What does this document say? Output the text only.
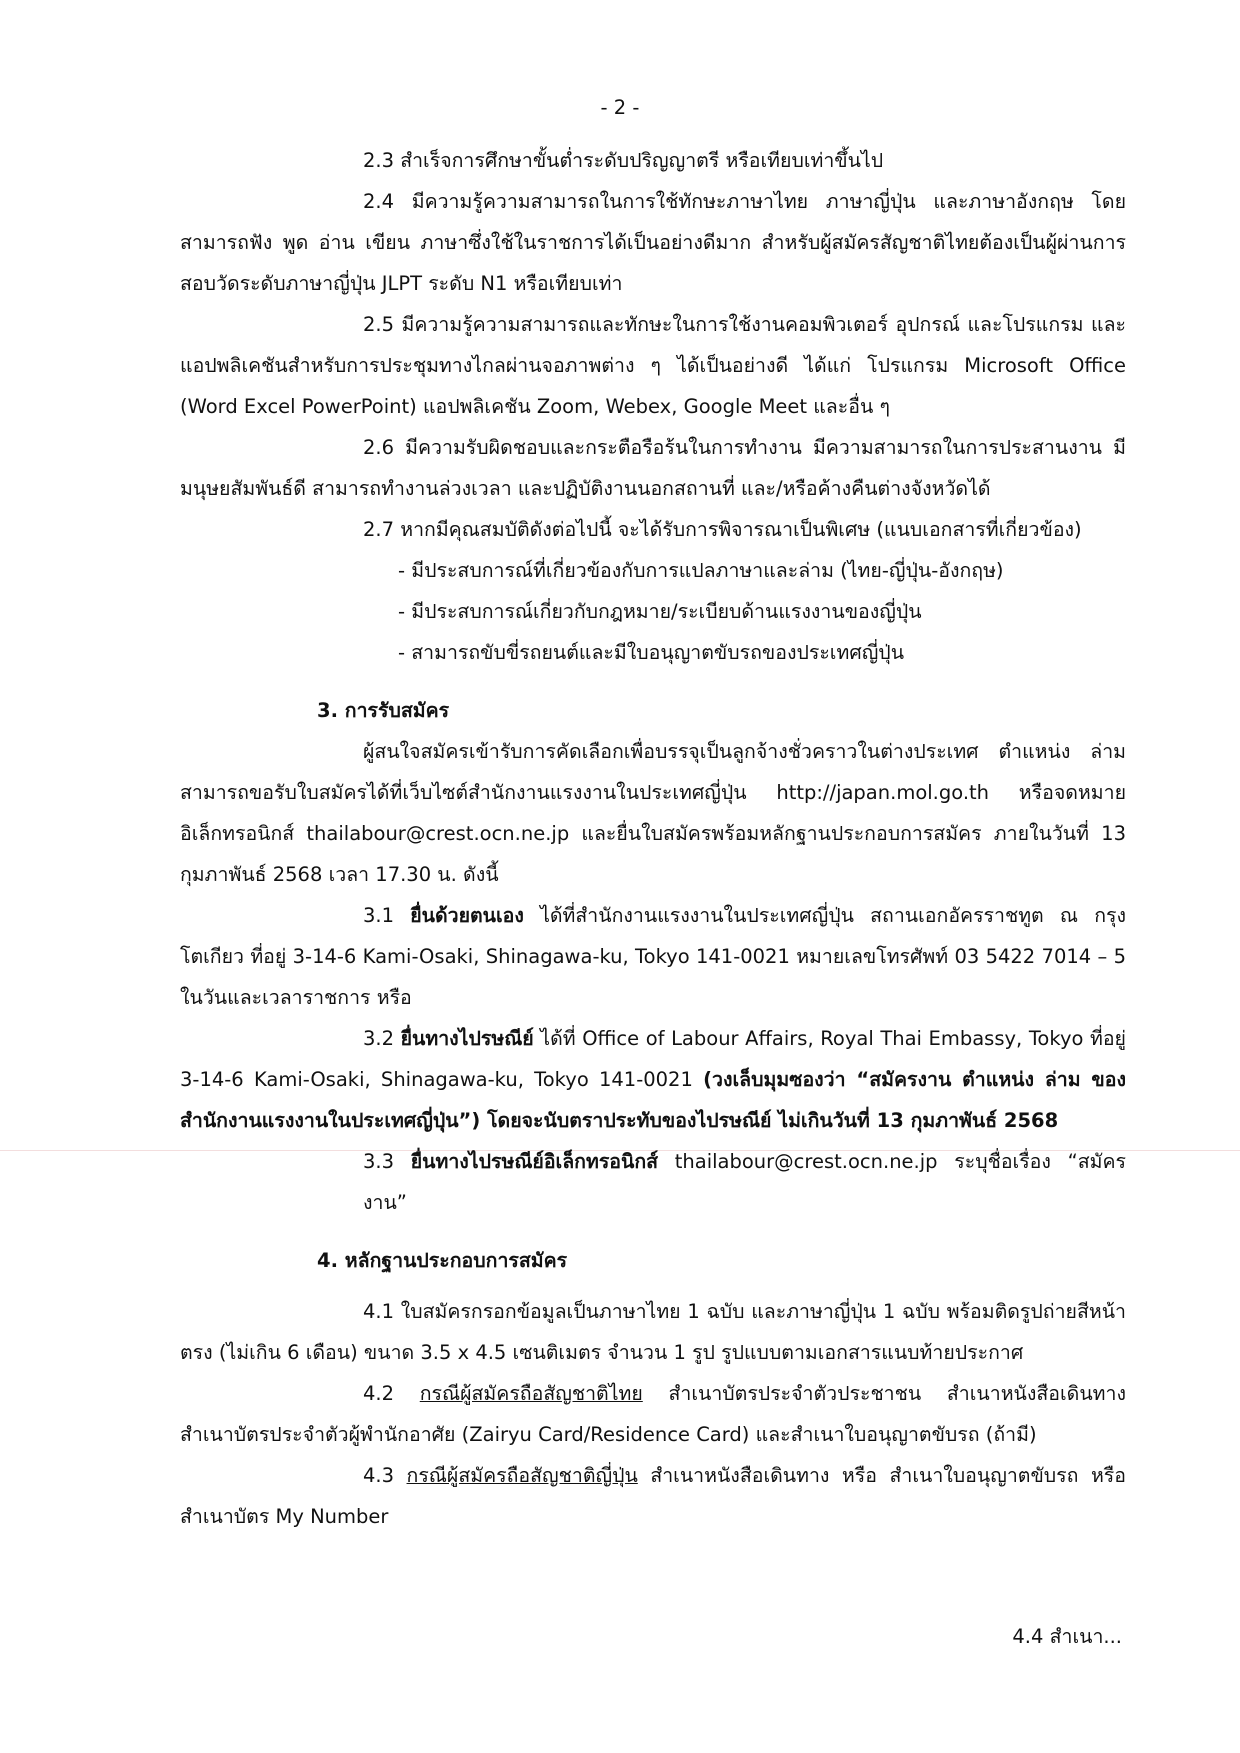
- 2 -

2.3 สำเร็จการศึกษาขั้นต่ำระดับปริญญาตรี หรือเทียบเท่าขึ้นไป

2.4 มีความรู้ความสามารถในการใช้ทักษะภาษาไทย ภาษาญี่ปุ่น และภาษาอังกฤษ โดยสามารถฟัง พูด อ่าน เขียน ภาษาซึ่งใช้ในราชการได้เป็นอย่างดีมาก สำหรับผู้สมัครสัญชาติไทยต้องเป็นผู้ผ่านการสอบวัดระดับภาษาญี่ปุ่น JLPT ระดับ N1 หรือเทียบเท่า

2.5 มีความรู้ความสามารถและทักษะในการใช้งานคอมพิวเตอร์ อุปกรณ์ และโปรแกรม และแอปพลิเคชันสำหรับการประชุมทางไกลผ่านจอภาพต่าง ๆ ได้เป็นอย่างดี ได้แก่ โปรแกรม Microsoft Office (Word Excel PowerPoint) แอปพลิเคชัน Zoom, Webex, Google Meet และอื่น ๆ

2.6 มีความรับผิดชอบและกระตือรือร้นในการทำงาน มีความสามารถในการประสานงาน มีมนุษยสัมพันธ์ดี สามารถทำงานล่วงเวลา และปฏิบัติงานนอกสถานที่ และ/หรือค้างคืนต่างจังหวัดได้

2.7 หากมีคุณสมบัติดังต่อไปนี้ จะได้รับการพิจารณาเป็นพิเศษ (แนบเอกสารที่เกี่ยวข้อง)

- มีประสบการณ์ที่เกี่ยวข้องกับการแปลภาษาและล่าม (ไทย-ญี่ปุ่น-อังกฤษ)

- มีประสบการณ์เกี่ยวกับกฎหมาย/ระเบียบด้านแรงงานของญี่ปุ่น

- สามารถขับขี่รถยนต์และมีใบอนุญาตขับรถของประเทศญี่ปุ่น

3. การรับสมัคร

ผู้สนใจสมัครเข้ารับการคัดเลือกเพื่อบรรจุเป็นลูกจ้างชั่วคราวในต่างประเทศ ตำแหน่ง ล่าม สามารถขอรับใบสมัครได้ที่เว็บไซต์สำนักงานแรงงานในประเทศญี่ปุ่น http://japan.mol.go.th หรือจดหมายอิเล็กทรอนิกส์ thailabour@crest.ocn.ne.jp และยื่นใบสมัครพร้อมหลักฐานประกอบการสมัคร ภายในวันที่ 13 กุมภาพันธ์ 2568 เวลา 17.30 น. ดังนี้

3.1 ยื่นด้วยตนเอง ได้ที่สำนักงานแรงงานในประเทศญี่ปุ่น สถานเอกอัครราชทูต ณ กรุงโตเกียว ที่อยู่ 3-14-6 Kami-Osaki, Shinagawa-ku, Tokyo 141-0021 หมายเลขโทรศัพท์ 03 5422 7014 – 5 ในวันและเวลาราชการ หรือ

3.2 ยื่นทางไปรษณีย์ ได้ที่ Office of Labour Affairs, Royal Thai Embassy, Tokyo ที่อยู่ 3-14-6 Kami-Osaki, Shinagawa-ku, Tokyo 141-0021 (วงเล็บมุมซองว่า “สมัครงาน ตำแหน่ง ล่าม ของสำนักงานแรงงานในประเทศญี่ปุ่น”) โดยจะนับตราประทับของไปรษณีย์ ไม่เกินวันที่ 13 กุมภาพันธ์ 2568

3.3 ยื่นทางไปรษณีย์อิเล็กทรอนิกส์ thailabour@crest.ocn.ne.jp ระบุชื่อเรื่อง “สมัครงาน”

4. หลักฐานประกอบการสมัคร

4.1 ใบสมัครกรอกข้อมูลเป็นภาษาไทย 1 ฉบับ และภาษาญี่ปุ่น 1 ฉบับ พร้อมติดรูปถ่ายสีหน้าตรง (ไม่เกิน 6 เดือน) ขนาด 3.5 x 4.5 เซนติเมตร จำนวน 1 รูป รูปแบบตามเอกสารแนบท้ายประกาศ

4.2 กรณีผู้สมัครถือสัญชาติไทย สำเนาบัตรประจำตัวประชาชน สำเนาหนังสือเดินทาง สำเนาบัตรประจำตัวผู้พำนักอาศัย (Zairyu Card/Residence Card) และสำเนาใบอนุญาตขับรถ (ถ้ามี)

4.3 กรณีผู้สมัครถือสัญชาติญี่ปุ่น สำเนาหนังสือเดินทาง หรือ สำเนาใบอนุญาตขับรถ หรือ สำเนาบัตร My Number

4.4 สำเนา...
